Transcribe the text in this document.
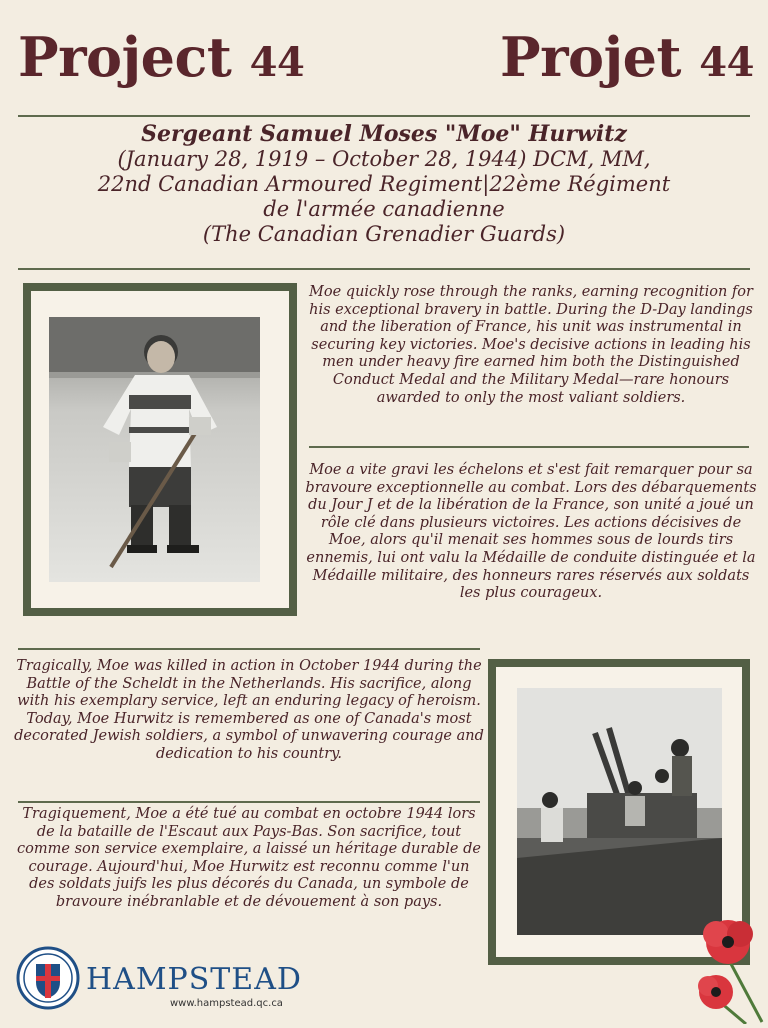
Project 44	Projet 44
Sergeant Samuel Moses "Moe" Hurwitz
(January 28, 1919 – October 28, 1944) DCM, MM,
22nd Canadian Armoured Regiment|22ème Régiment
de l'armée canadienne
(The Canadian Grenadier Guards)
Moe quickly rose through the ranks, earning recognition for his exceptional bravery in battle. During the D-Day landings and the liberation of France, his unit was instrumental in securing key victories. Moe's decisive actions in leading his men under heavy fire earned him both the Distinguished Conduct Medal and the Military Medal—rare honours awarded to only the most valiant soldiers.
Moe a vite gravi les échelons et s'est fait remarquer pour sa bravoure exceptionnelle au combat. Lors des débarquements du Jour J et de la libération de la France, son unité a joué un rôle clé dans plusieurs victoires. Les actions décisives de Moe, alors qu'il menait ses hommes sous de lourds tirs ennemis, lui ont valu la Médaille de conduite distinguée et la Médaille militaire, des honneurs rares réservés aux soldats les plus courageux.
Tragically, Moe was killed in action in October 1944 during the Battle of the Scheldt in the Netherlands. His sacrifice, along with his exemplary service, left an enduring legacy of heroism. Today, Moe Hurwitz is remembered as one of Canada's most decorated Jewish soldiers, a symbol of unwavering courage and dedication to his country.
Tragiquement, Moe a été tué au combat en octobre 1944 lors de la bataille de l'Escaut aux Pays-Bas. Son sacrifice, tout comme son service exemplaire, a laissé un héritage durable de courage. Aujourd'hui, Moe Hurwitz est reconnu comme l'un des soldats juifs les plus décorés du Canada, un symbole de bravoure inébranlable et de dévouement à son pays.
HAMPSTEAD
www.hampstead.qc.ca
